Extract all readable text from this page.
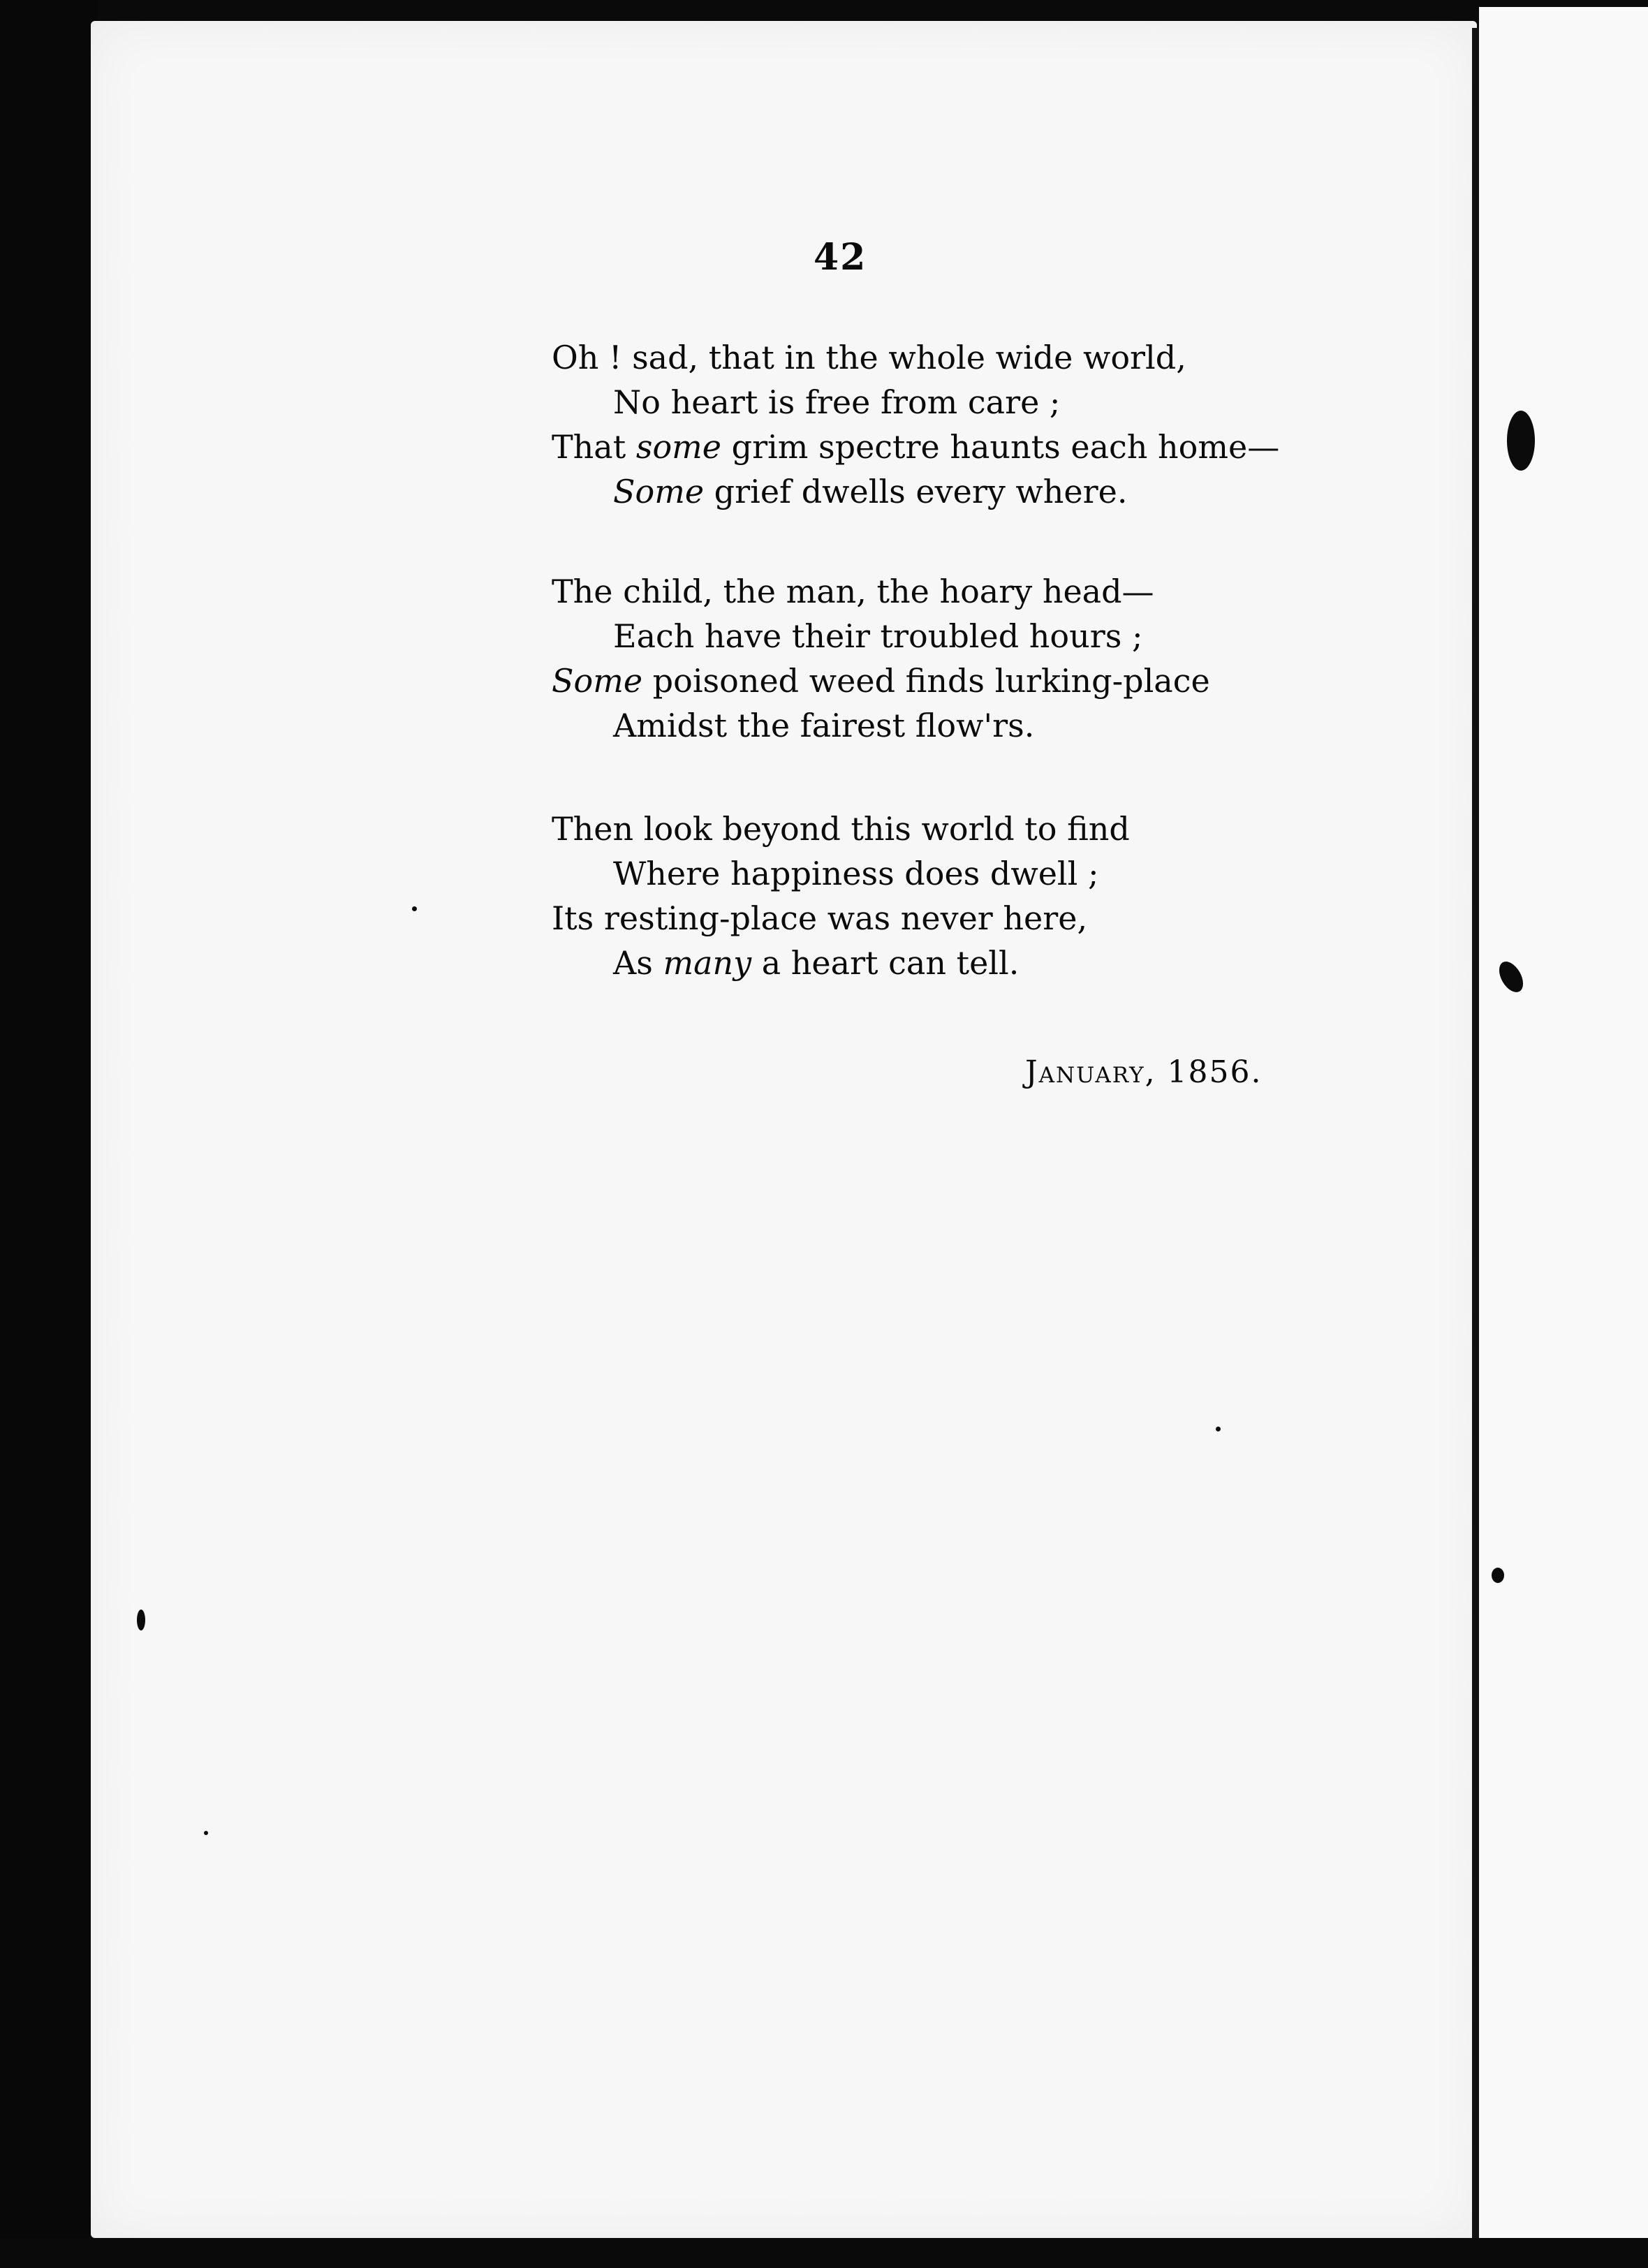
42
Oh ! sad, that in the whole wide world,
No heart is free from care ;
That some grim spectre haunts each home—
Some grief dwells every where.
The child, the man, the hoary head—
Each have their troubled hours ;
Some poisoned weed finds lurking-place
Amidst the fairest flow'rs.
Then look beyond this world to find
Where happiness does dwell ;
Its resting-place was never here,
As many a heart can tell.
January, 1856.
